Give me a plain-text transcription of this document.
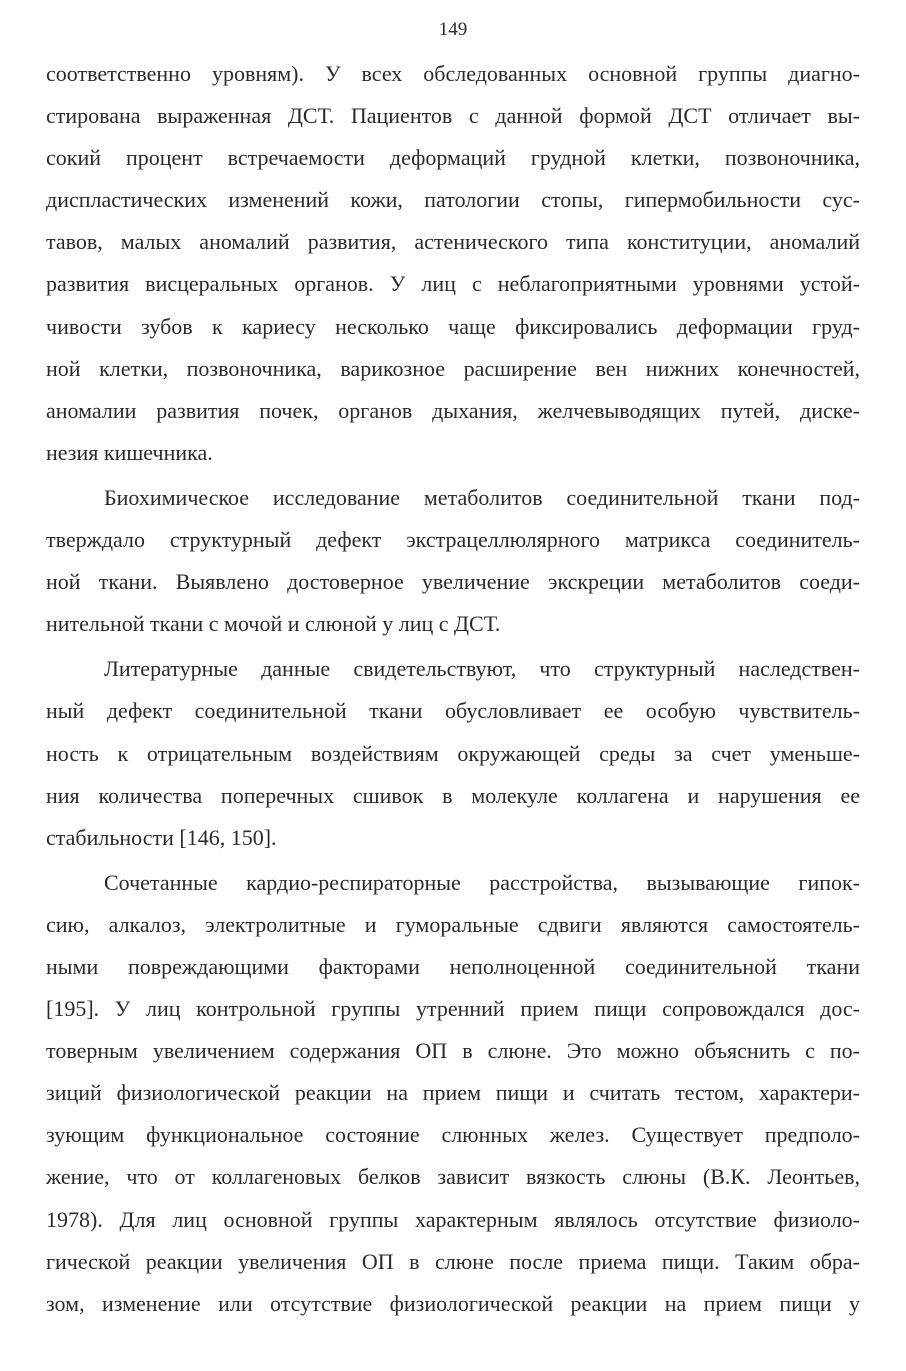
149
соответственно уровням). У всех обследованных основной группы диагно-
стирована выраженная ДСТ. Пациентов с данной формой ДСТ отличает вы-
сокий процент встречаемости деформаций грудной клетки, позвоночника,
диспластических изменений кожи, патологии стопы, гипермобильности сус-
тавов, малых аномалий развития, астенического типа конституции, аномалий
развития висцеральных органов. У лиц с неблагоприятными уровнями устой-
чивости зубов к кариесу несколько чаще фиксировались деформации груд-
ной клетки, позвоночника, варикозное расширение вен нижних конечностей,
аномалии развития почек, органов дыхания, желчевыводящих путей, диске-
незия кишечника.
Биохимическое исследование метаболитов соединительной ткани под-
тверждало структурный дефект экстрацеллюлярного матрикса соединитель-
ной ткани. Выявлено достоверное увеличение экскреции метаболитов соеди-
нительной ткани с мочой и слюной у лиц с ДСТ.
Литературные данные свидетельствуют, что структурный наследствен-
ный дефект соединительной ткани обусловливает ее особую чувствитель-
ность к отрицательным воздействиям окружающей среды за счет уменьше-
ния количества поперечных сшивок в молекуле коллагена и нарушения ее
стабильности [146, 150].
Сочетанные кардио-респираторные расстройства, вызывающие гипок-
сию, алкалоз, электролитные и гуморальные сдвиги являются самостоятель-
ными повреждающими факторами неполноценной соединительной ткани
[195]. У лиц контрольной группы утренний прием пищи сопровождался дос-
товерным увеличением содержания ОП в слюне. Это можно объяснить с по-
зиций физиологической реакции на прием пищи и считать тестом, характери-
зующим функциональное состояние слюнных желез. Существует предполо-
жение, что от коллагеновых белков зависит вязкость слюны (В.К. Леонтьев,
1978). Для лиц основной группы характерным являлось отсутствие физиоло-
гической реакции увеличения ОП в слюне после приема пищи. Таким обра-
зом, изменение или отсутствие физиологической реакции на прием пищи у
